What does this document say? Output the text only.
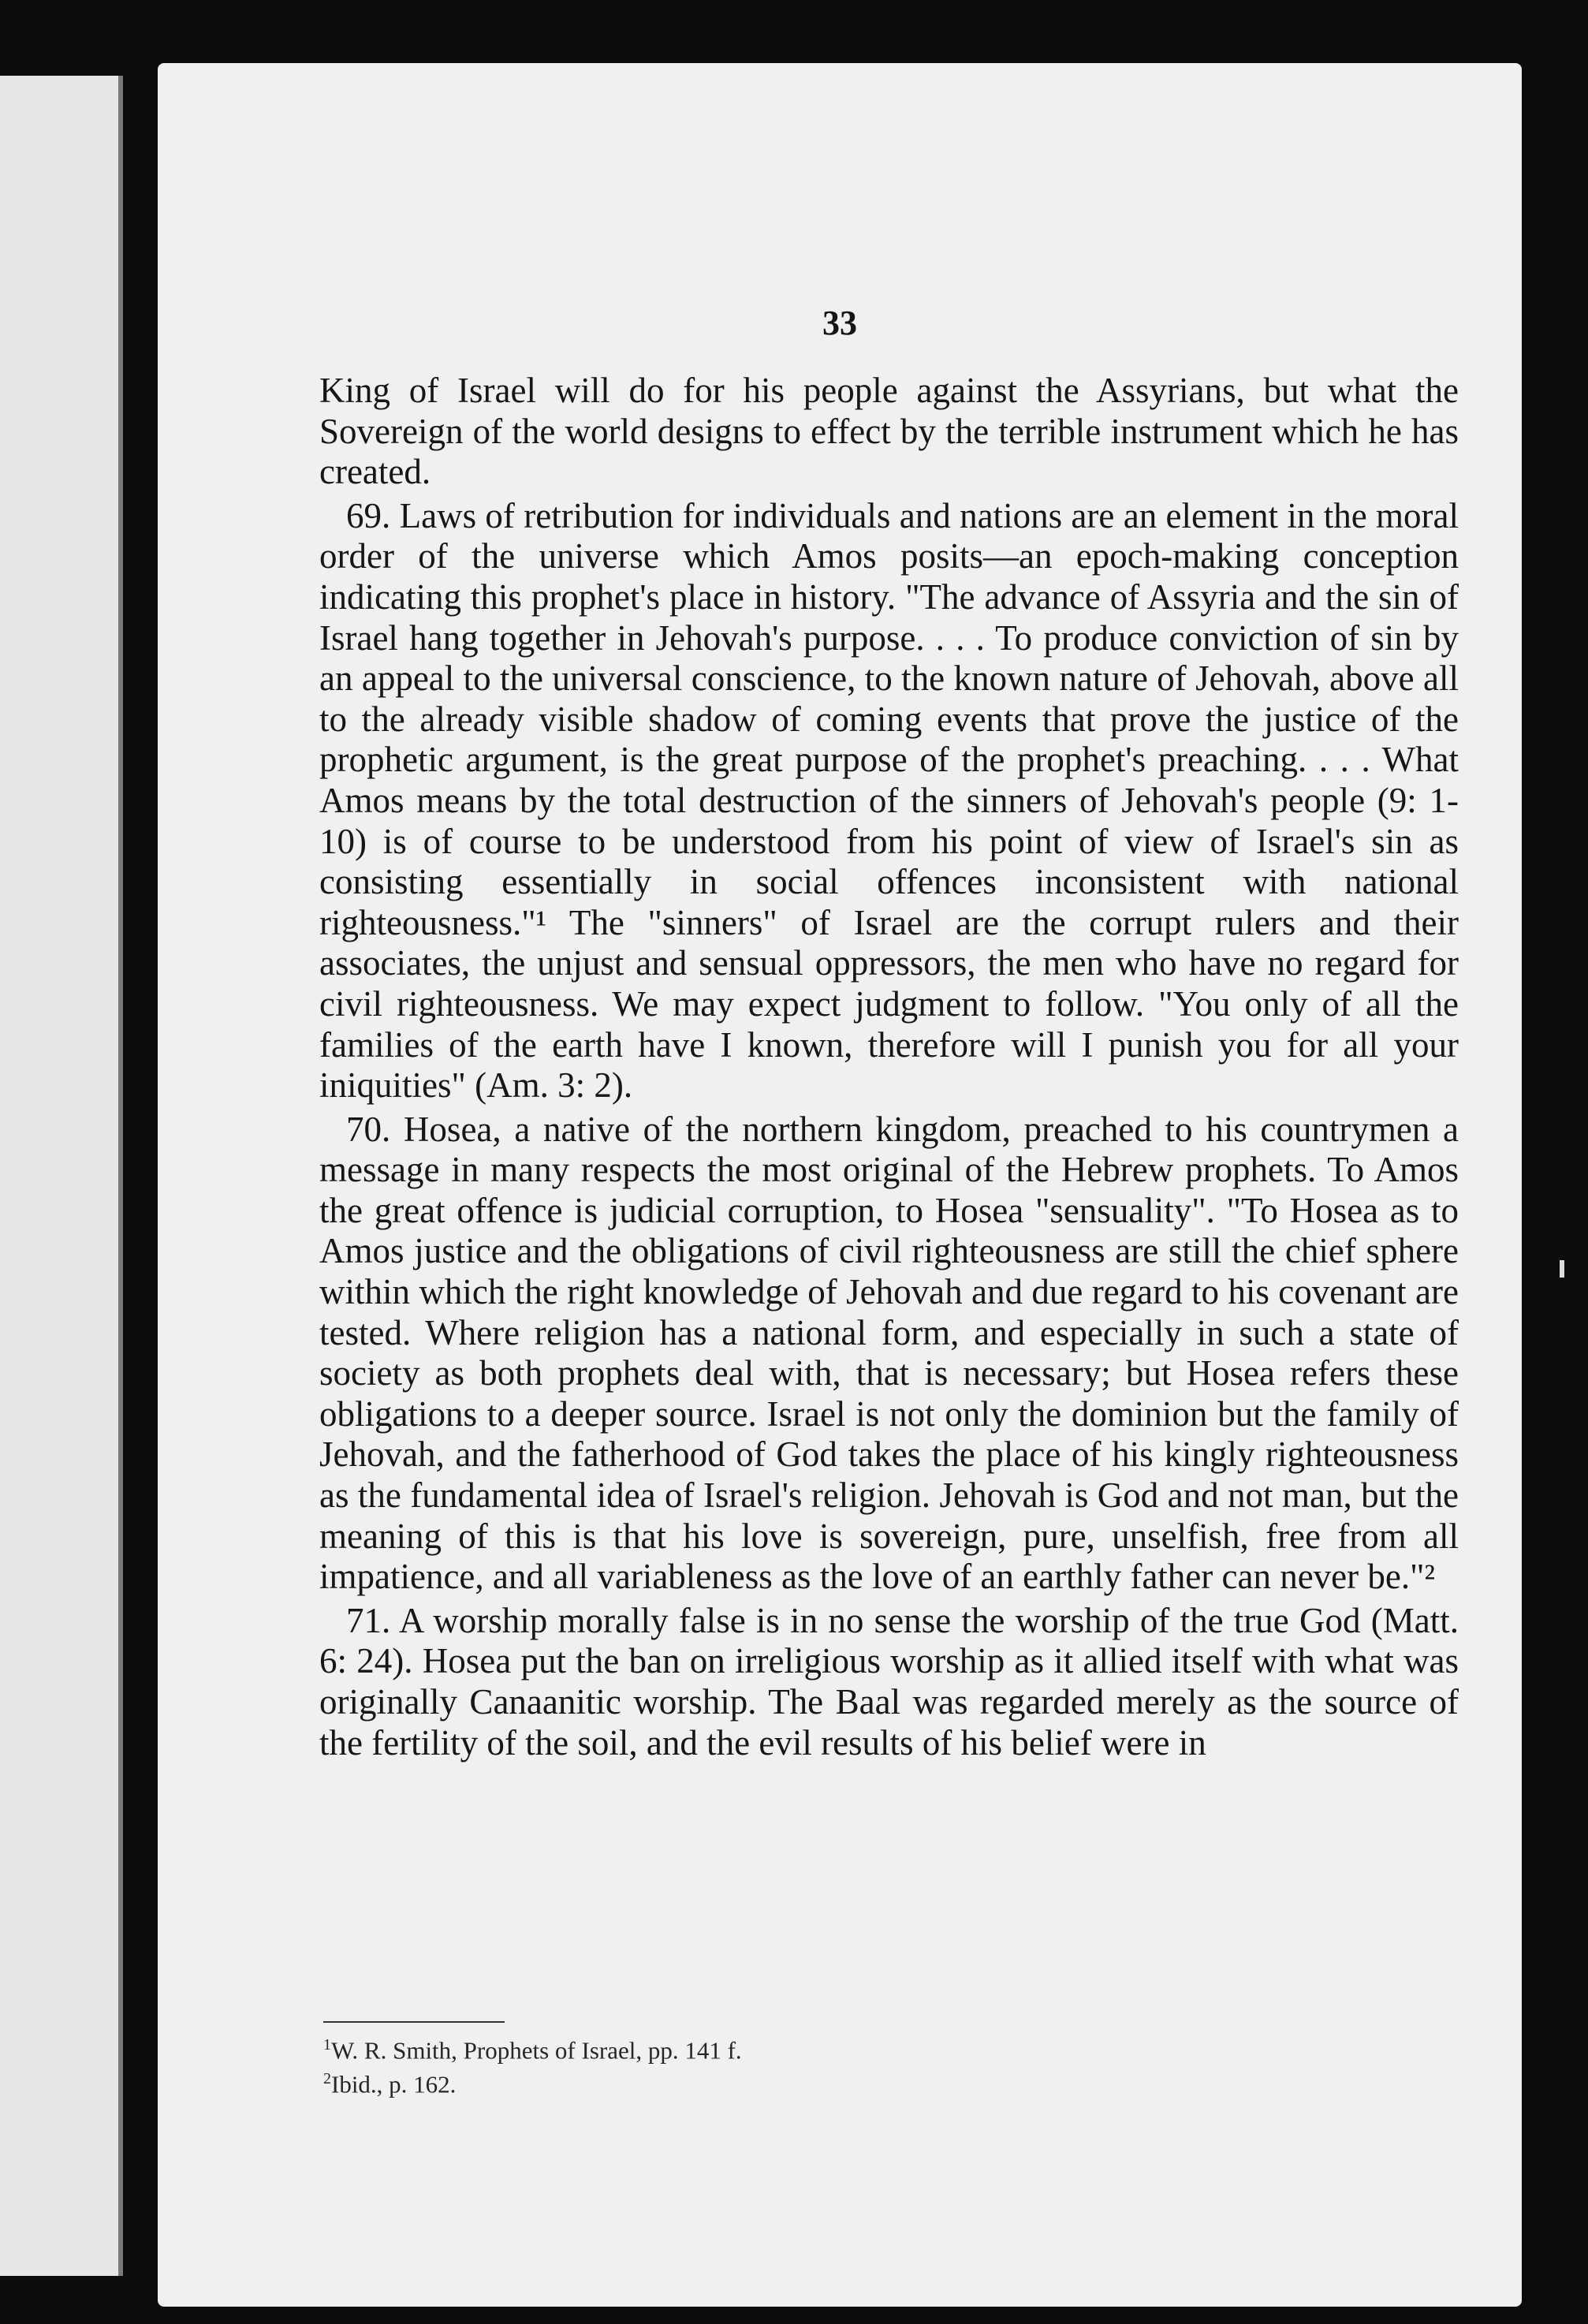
33

King of Israel will do for his people against the Assyrians, but what the Sovereign of the world designs to effect by the terrible instrument which he has created.

69. Laws of retribution for individuals and nations are an element in the moral order of the universe which Amos posits—an epoch-making conception indicating this prophet's place in history. "The advance of Assyria and the sin of Israel hang together in Jehovah's purpose. . . . To produce conviction of sin by an appeal to the universal conscience, to the known nature of Jehovah, above all to the already visible shadow of coming events that prove the justice of the prophetic argument, is the great purpose of the prophet's preaching. . . . What Amos means by the total destruction of the sinners of Jehovah's people (9: 1-10) is of course to be understood from his point of view of Israel's sin as consisting essentially in social offences inconsistent with national righteousness."¹ The "sinners" of Israel are the corrupt rulers and their associates, the unjust and sensual oppressors, the men who have no regard for civil righteousness. We may expect judgment to follow. "You only of all the families of the earth have I known, therefore will I punish you for all your iniquities" (Am. 3: 2).

70. Hosea, a native of the northern kingdom, preached to his countrymen a message in many respects the most original of the Hebrew prophets. To Amos the great offence is judicial corruption, to Hosea "sensuality". "To Hosea as to Amos justice and the obligations of civil righteousness are still the chief sphere within which the right knowledge of Jehovah and due regard to his covenant are tested. Where religion has a national form, and especially in such a state of society as both prophets deal with, that is necessary; but Hosea refers these obligations to a deeper source. Israel is not only the dominion but the family of Jehovah, and the fatherhood of God takes the place of his kingly righteousness as the fundamental idea of Israel's religion. Jehovah is God and not man, but the meaning of this is that his love is sovereign, pure, unselfish, free from all impatience, and all variableness as the love of an earthly father can never be."²

71. A worship morally false is in no sense the worship of the true God (Matt. 6: 24). Hosea put the ban on irreligious worship as it allied itself with what was originally Canaanitic worship. The Baal was regarded merely as the source of the fertility of the soil, and the evil results of his belief were in

$^1$W. R. Smith, Prophets of Israel, pp. 141 f.
$^2$Ibid., p. 162.
